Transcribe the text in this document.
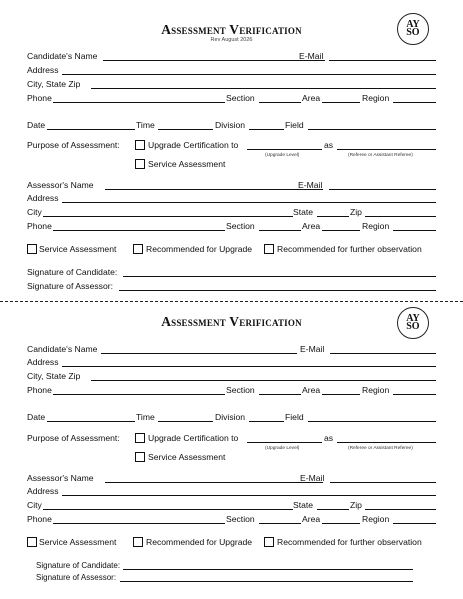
Assessment Verification
Rev August 2026
AY
SO
Candidate's Name	E-Mail
Address
City, State Zip
Phone	Section	Area	Region
Date	Time	Division	Field
Purpose of Assessment:	Upgrade Certification to	as
(Upgrade Level)	(Referee or Assistant Referee)
Service Assessment
Assessor's Name	E-Mail
Address
City	State	Zip
Phone	Section	Area	Region
Service Assessment	Recommended for Upgrade	Recommended for further observation
Signature of Candidate:
Signature of Assessor:
Assessment Verification	AY
SO
Candidate's Name	E-Mail
Address
City, State Zip
Phone	Section	Area	Region
Date	Time	Division	Field
Purpose of Assessment:	Upgrade Certification to	as
(Upgrade Level)	(Referee or Assistant Referee)
Service Assessment
Assessor's Name	E-Mail
Address
City	State	Zip
Phone	Section	Area	Region
Service Assessment	Recommended for Upgrade	Recommended for further observation
Signature of Candidate:
Signature of Assessor:
